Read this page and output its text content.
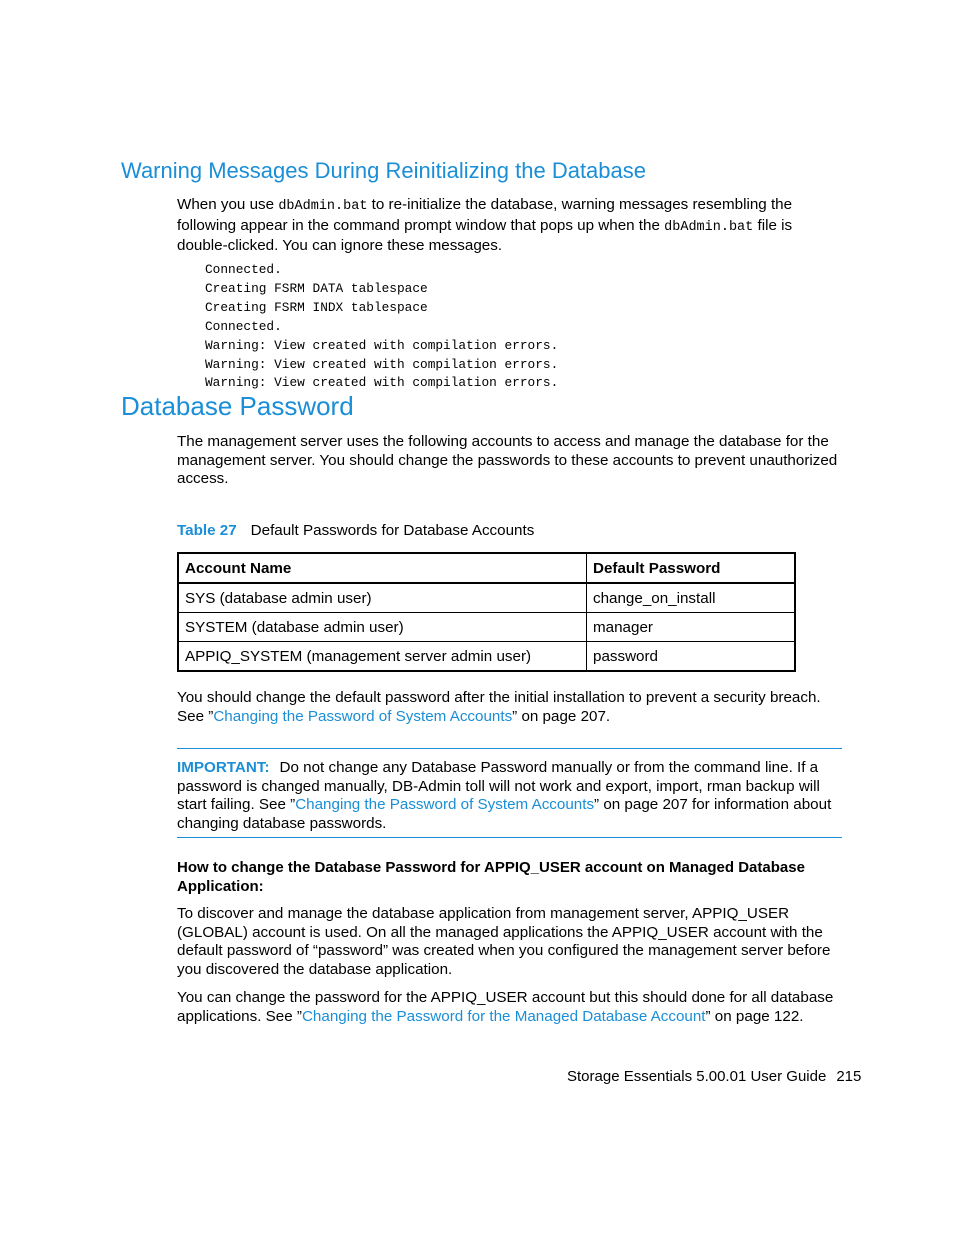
Warning Messages During Reinitializing the Database
When you use dbAdmin.bat to re-initialize the database, warning messages resembling the following appear in the command prompt window that pops up when the dbAdmin.bat file is double-clicked. You can ignore these messages.
Connected.
Creating FSRM DATA tablespace
Creating FSRM INDX tablespace
Connected.
Warning: View created with compilation errors.
Warning: View created with compilation errors.
Warning: View created with compilation errors.
Database Password
The management server uses the following accounts to access and manage the database for the management server. You should change the passwords to these accounts to prevent unauthorized access.
Table 27 Default Passwords for Database Accounts
Account Name	Default Password
SYS (database admin user)	change_on_install
SYSTEM (database admin user)	manager
APPIQ_SYSTEM (management server admin user)	password
You should change the default password after the initial installation to prevent a security breach. See ”Changing the Password of System Accounts” on page 207.
IMPORTANT: Do not change any Database Password manually or from the command line. If a password is changed manually, DB-Admin toll will not work and export, import, rman backup will start failing. See ”Changing the Password of System Accounts” on page 207 for information about changing database passwords.
How to change the Database Password for APPIQ_USER account on Managed Database Application:
To discover and manage the database application from management server, APPIQ_USER (GLOBAL) account is used. On all the managed applications the APPIQ_USER account with the default password of “password” was created when you configured the management server before you discovered the database application.
You can change the password for the APPIQ_USER account but this should done for all database applications. See ”Changing the Password for the Managed Database Account” on page 122.
Storage Essentials 5.00.01 User Guide 215
